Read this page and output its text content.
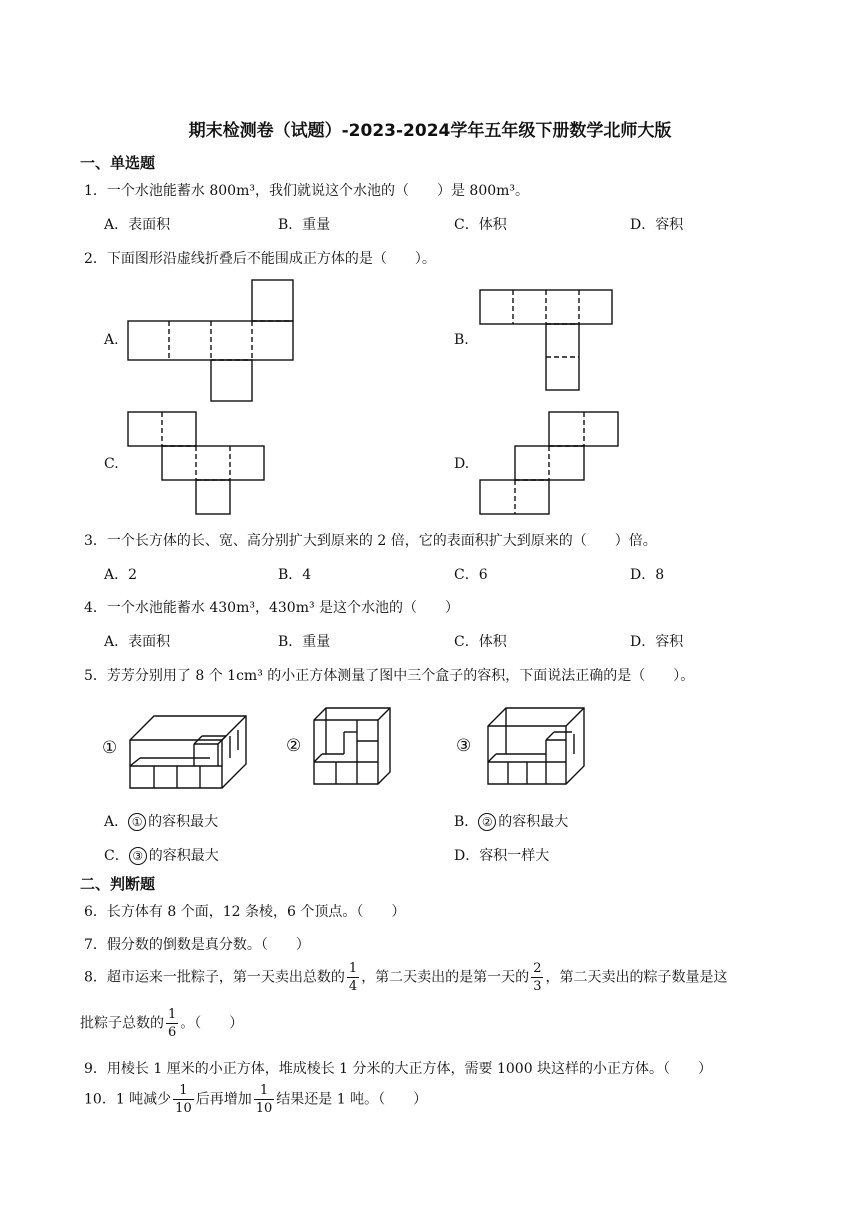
期末检测卷（试题）-2023-2024学年五年级下册数学北师大版
一、单选题
1．一个水池能蓄水 800m³，我们就说这个水池的（　　）是 800m³。
A．表面积	B．重量	C．体积	D．容积
2．下面图形沿虚线折叠后不能围成正方体的是（　　）。
A.	B.
C.	D.
3．一个长方体的长、宽、高分别扩大到原来的 2 倍，它的表面积扩大到原来的（　　）倍。
A．2	B．4	C．6	D．8
4．一个水池能蓄水 430m³，430m³ 是这个水池的（　　）
A．表面积	B．重量	C．体积	D．容积
5．芳芳分别用了 8 个 1cm³ 的小正方体测量了图中三个盒子的容积，下面说法正确的是（　　）。
①	②	③
A． ① 的容积最大	B． ② 的容积最大
C． ③ 的容积最大	D．容积一样大
二、判断题
6．长方体有 8 个面，12 条棱，6 个顶点。（　　）
7．假分数的倒数是真分数。（　　）
8．超市运来一批粽子，第一天卖出总数的 $\frac{1}{4}$ ，第二天卖出的是第一天的 $\frac{2}{3}$ ，第二天卖出的粽子数量是这
批粽子总数的 $\frac{1}{6}$ 。（　　）
9．用棱长 1 厘米的小正方体，堆成棱长 1 分米的大正方体，需要 1000 块这样的小正方体。（　　）
10．1 吨减少 $\frac{1}{10}$ 后再增加 $\frac{1}{10}$ 结果还是 1 吨。（　　）
